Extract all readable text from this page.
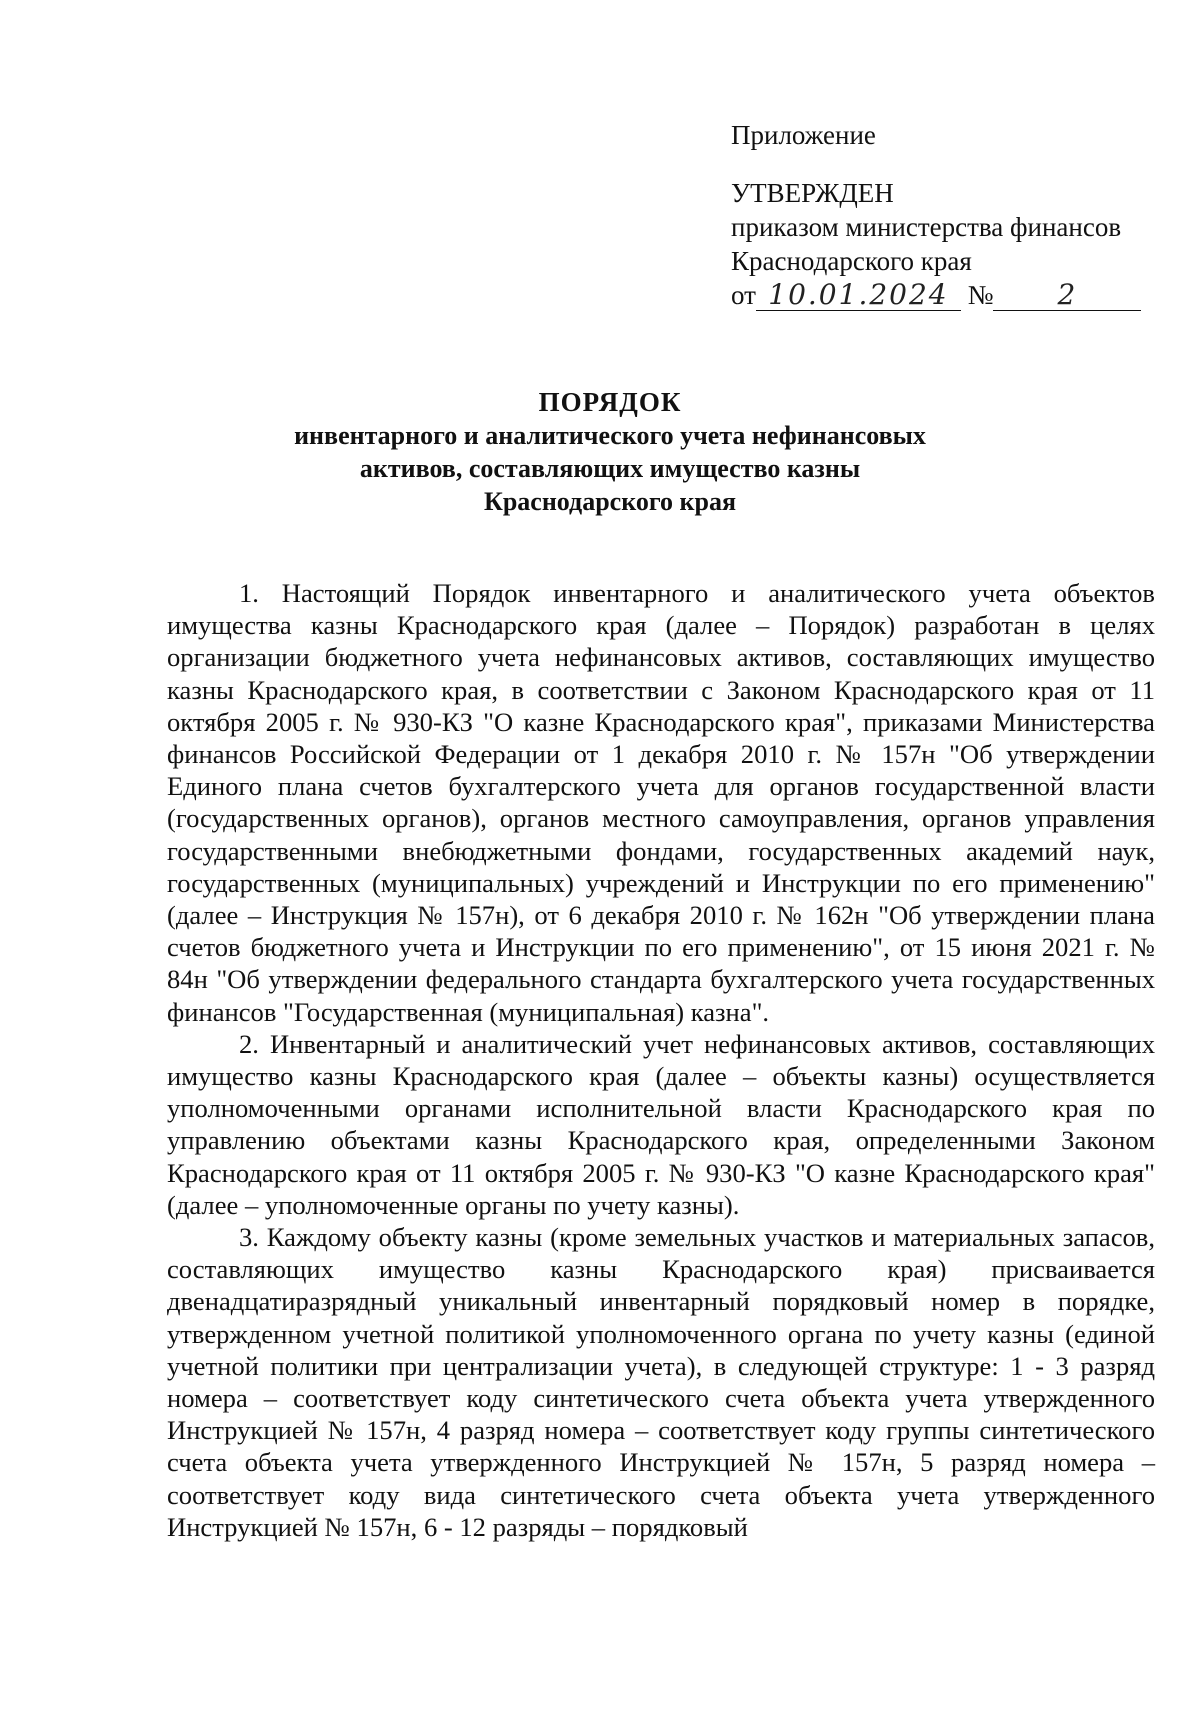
Приложение
УТВЕРЖДЕН
приказом министерства финансов
Краснодарского края
от 10.01.2024 № 2
ПОРЯДОК
инвентарного и аналитического учета нефинансовых
активов, составляющих имущество казны
Краснодарского края

1. Настоящий Порядок инвентарного и аналитического учета объектов имущества казны Краснодарского края (далее – Порядок) разработан в целях организации бюджетного учета нефинансовых активов, составляющих имущество казны Краснодарского края, в соответствии с Законом Краснодарского края от 11 октября 2005 г. № 930-КЗ "О казне Краснодарского края", приказами Министерства финансов Российской Федерации от 1 декабря 2010 г. № 157н "Об утверждении Единого плана счетов бухгалтерского учета для органов государственной власти (государственных органов), органов местного самоуправления, органов управления государственными внебюджетными фондами, государственных академий наук, государственных (муниципальных) учреждений и Инструкции по его применению" (далее – Инструкция № 157н), от 6 декабря 2010 г. № 162н "Об утверждении плана счетов бюджетного учета и Инструкции по его применению", от 15 июня 2021 г. № 84н "Об утверждении федерального стандарта бухгалтерского учета государственных финансов "Государственная (муниципальная) казна".

2. Инвентарный и аналитический учет нефинансовых активов, составляющих имущество казны Краснодарского края (далее – объекты казны) осуществляется уполномоченными органами исполнительной власти Краснодарского края по управлению объектами казны Краснодарского края, определенными Законом Краснодарского края от 11 октября 2005 г. № 930-КЗ "О казне Краснодарского края" (далее – уполномоченные органы по учету казны).

3. Каждому объекту казны (кроме земельных участков и материальных запасов, составляющих имущество казны Краснодарского края) присваивается двенадцатиразрядный уникальный инвентарный порядковый номер в порядке, утвержденном учетной политикой уполномоченного органа по учету казны (единой учетной политики при централизации учета), в следующей структуре: 1 - 3 разряд номера – соответствует коду синтетического счета объекта учета утвержденного Инструкцией № 157н, 4 разряд номера – соответствует коду группы синтетического счета объекта учета утвержденного Инструкцией № 157н, 5 разряд номера – соответствует коду вида синтетического счета объекта учета утвержденного Инструкцией № 157н, 6 - 12 разряды – порядковый
